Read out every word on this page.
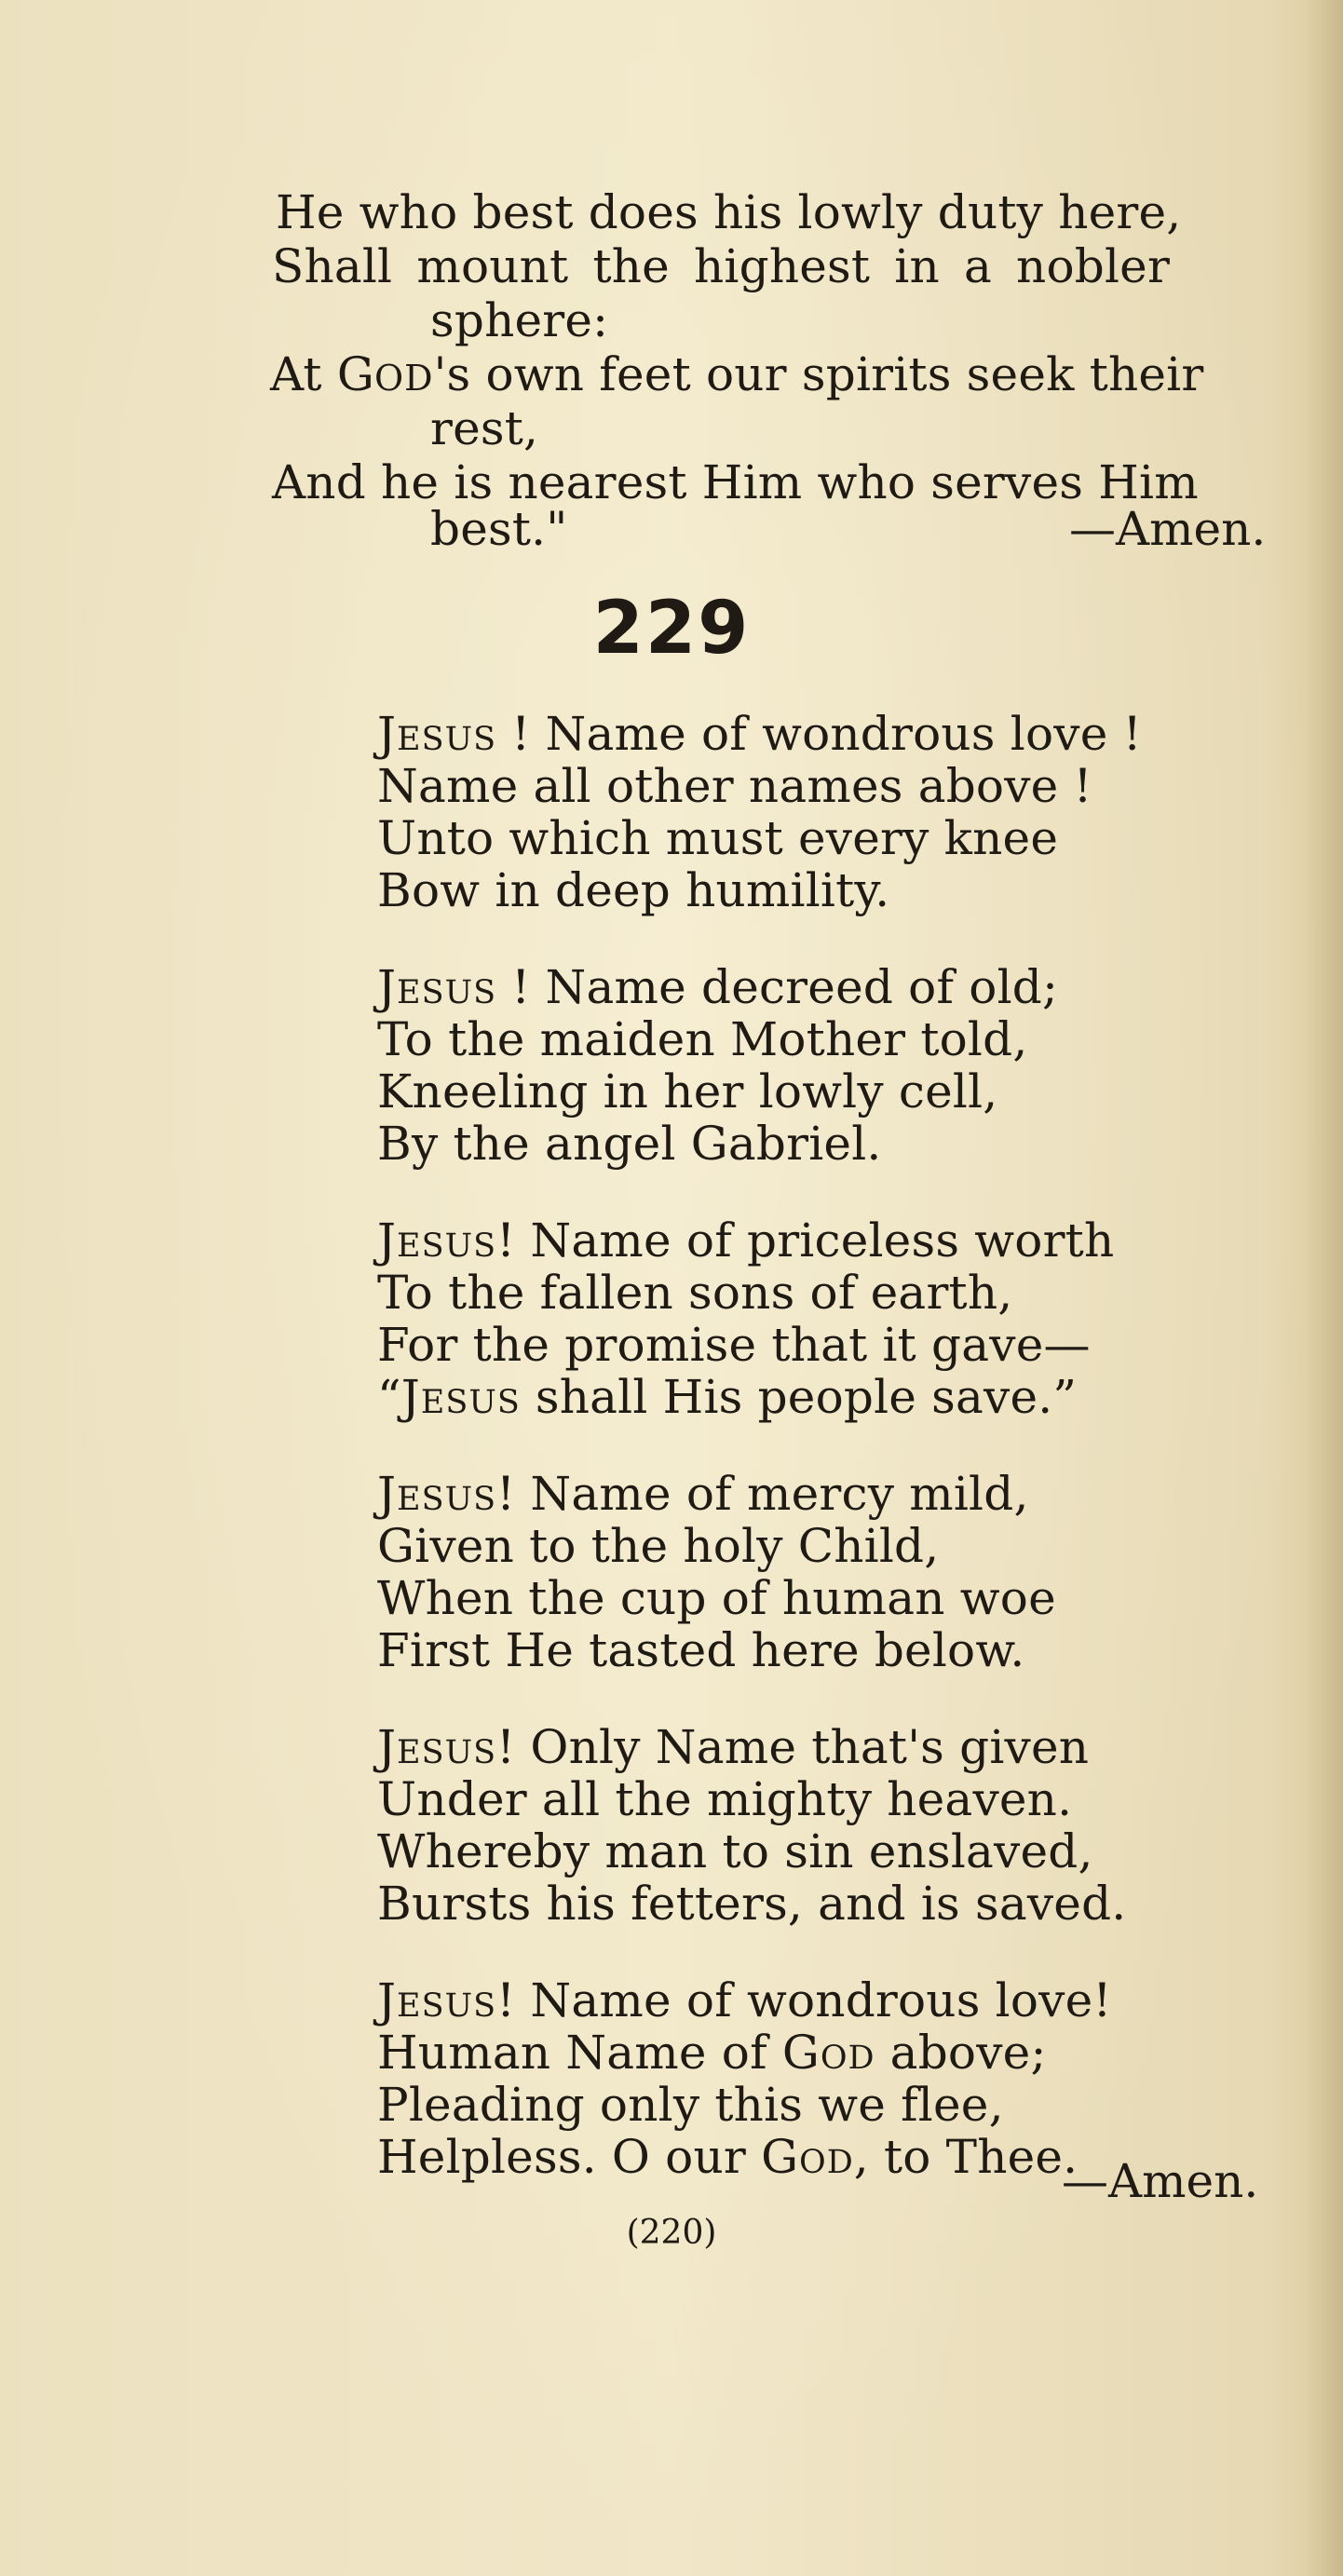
He who best does his lowly duty here,
Shall mount the highest in a nobler
sphere:
At GOD's own feet our spirits seek their
rest,
And he is nearest Him who serves Him
best."	—Amen.
229
Jesus ! Name of wondrous love !
Name all other names above !
Unto which must every knee
Bow in deep humility.
Jesus ! Name decreed of old;
To the maiden Mother told,
Kneeling in her lowly cell,
By the angel Gabriel.
Jesus! Name of priceless worth
To the fallen sons of earth,
For the promise that it gave—
“Jesus shall His people save.”
Jesus! Name of mercy mild,
Given to the holy Child,
When the cup of human woe
First He tasted here below.
Jesus! Only Name that's given
Under all the mighty heaven.
Whereby man to sin enslaved,
Bursts his fetters, and is saved.
Jesus! Name of wondrous love!
Human Name of God above;
Pleading only this we flee,
Helpless. O our God, to Thee.
—Amen.
(220)
